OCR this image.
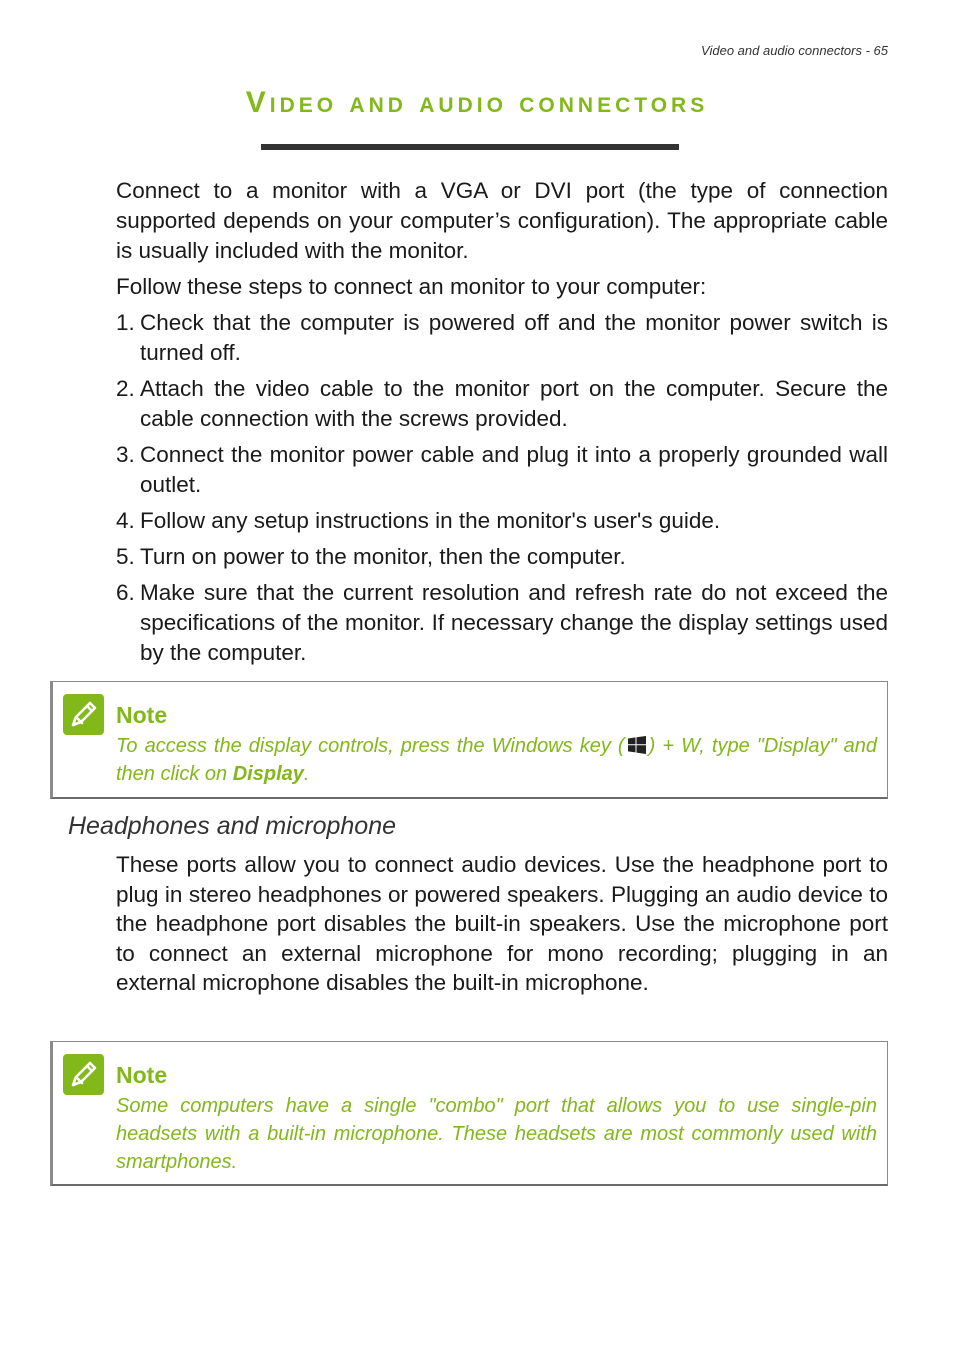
Video and audio connectors - 65
Video and audio connectors

Connect to a monitor with a VGA or DVI port (the type of connection supported depends on your computer’s configuration). The appropriate cable is usually included with the monitor.

Follow these steps to connect an monitor to your computer:

1. Check that the computer is powered off and the monitor power switch is turned off.
2. Attach the video cable to the monitor port on the computer. Secure the cable connection with the screws provided.
3. Connect the monitor power cable and plug it into a properly grounded wall outlet.
4. Follow any setup instructions in the monitor's user's guide.
5. Turn on power to the monitor, then the computer.
6. Make sure that the current resolution and refresh rate do not exceed the specifications of the monitor. If necessary change the display settings used by the computer.
Note

To access the display controls, press the Windows key ( ) + W, type "Display" and then click on Display.

Headphones and microphone

These ports allow you to connect audio devices. Use the headphone port to plug in stereo headphones or powered speakers. Plugging an audio device to the headphone port disables the built-in speakers. Use the microphone port to connect an external microphone for mono recording; plugging in an external microphone disables the built-in microphone.

Note

Some computers have a single "combo" port that allows you to use single-pin headsets with a built-in microphone. These headsets are most commonly used with smartphones.
